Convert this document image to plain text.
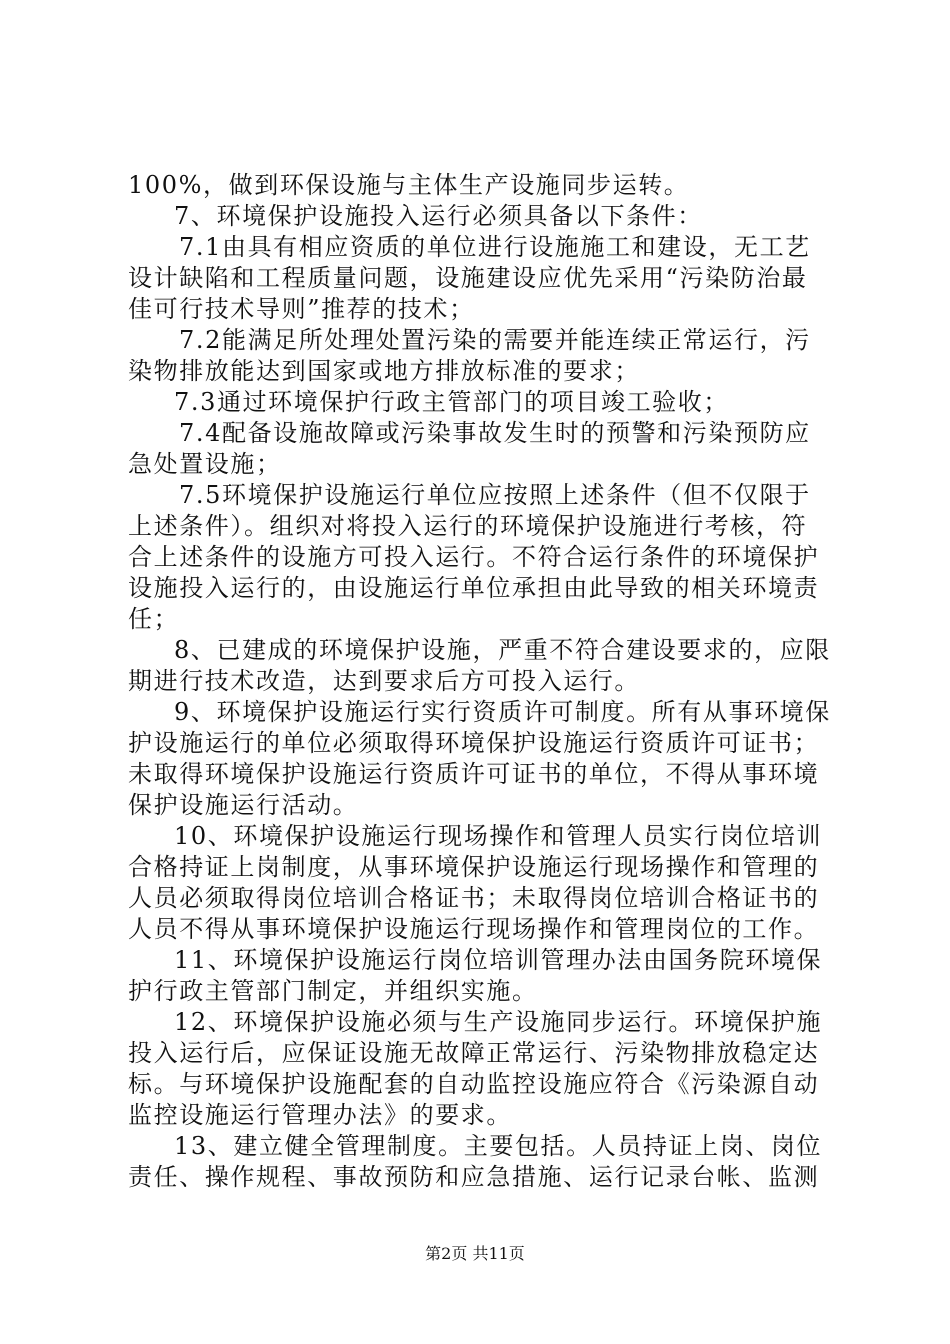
100%，做到环保设施与主体生产设施同步运转。
7、环境保护设施投入运行必须具备以下条件：
7.1由具有相应资质的单位进行设施施工和建设，无工艺
设计缺陷和工程质量问题，设施建设应优先采用“污染防治最
佳可行技术导则”推荐的技术；
7.2能满足所处理处置污染的需要并能连续正常运行，污
染物排放能达到国家或地方排放标准的要求；
7.3通过环境保护行政主管部门的项目竣工验收；
7.4配备设施故障或污染事故发生时的预警和污染预防应
急处置设施；
7.5环境保护设施运行单位应按照上述条件（但不仅限于
上述条件）。组织对将投入运行的环境保护设施进行考核，符
合上述条件的设施方可投入运行。不符合运行条件的环境保护
设施投入运行的，由设施运行单位承担由此导致的相关环境责
任；
8、已建成的环境保护设施，严重不符合建设要求的，应限
期进行技术改造，达到要求后方可投入运行。
9、环境保护设施运行实行资质许可制度。所有从事环境保
护设施运行的单位必须取得环境保护设施运行资质许可证书；
未取得环境保护设施运行资质许可证书的单位，不得从事环境
保护设施运行活动。
10、环境保护设施运行现场操作和管理人员实行岗位培训
合格持证上岗制度，从事环境保护设施运行现场操作和管理的
人员必须取得岗位培训合格证书；未取得岗位培训合格证书的
人员不得从事环境保护设施运行现场操作和管理岗位的工作。
11、环境保护设施运行岗位培训管理办法由国务院环境保
护行政主管部门制定，并组织实施。
12、环境保护设施必须与生产设施同步运行。环境保护施
投入运行后，应保证设施无故障正常运行、污染物排放稳定达
标。与环境保护设施配套的自动监控设施应符合《污染源自动
监控设施运行管理办法》的要求。
13、建立健全管理制度。主要包括。人员持证上岗、岗位
责任、操作规程、事故预防和应急措施、运行记录台帐、监测
第2页 共11页
